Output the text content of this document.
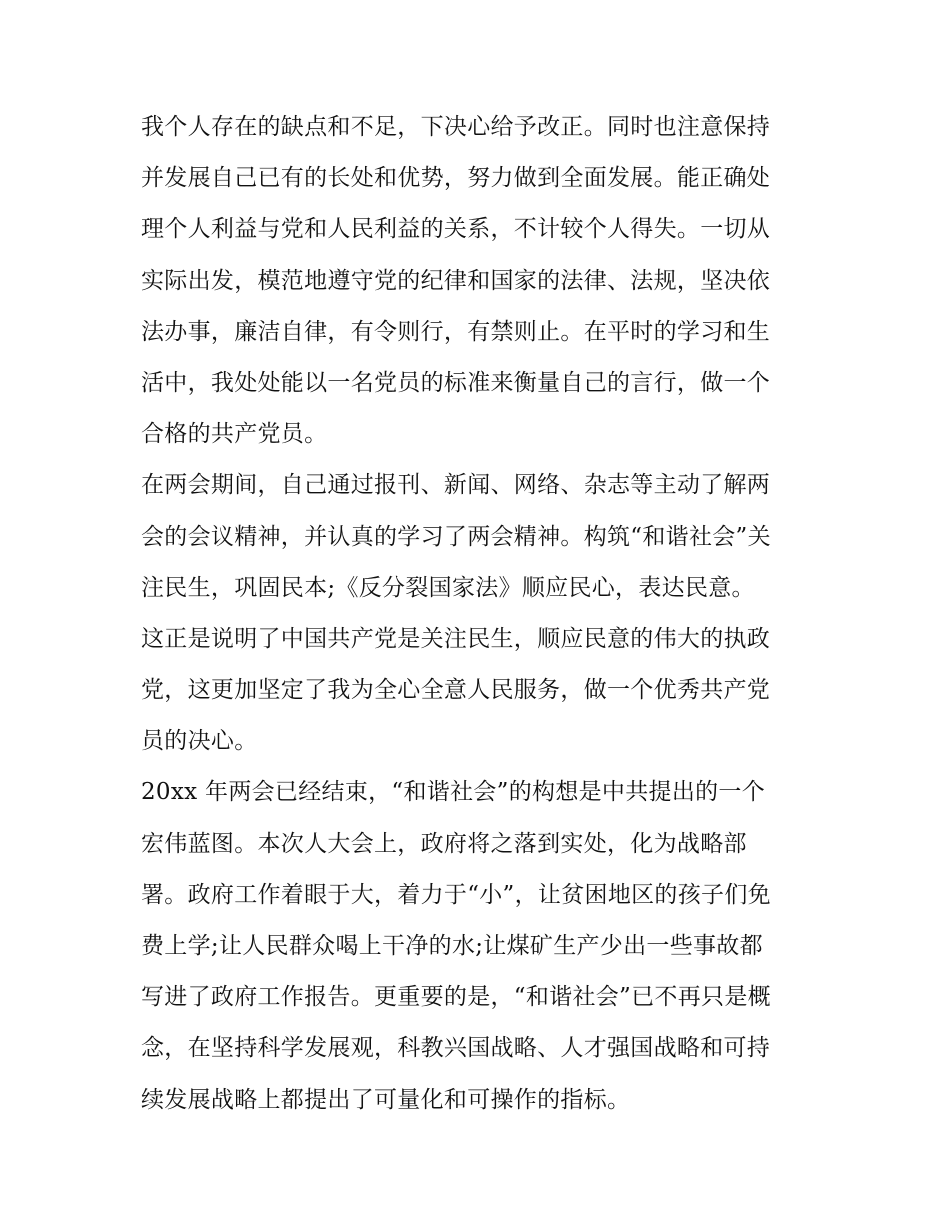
我个人存在的缺点和不足，下决心给予改正。同时也注意保持
并发展自己已有的长处和优势，努力做到全面发展。能正确处
理个人利益与党和人民利益的关系，不计较个人得失。一切从
实际出发，模范地遵守党的纪律和国家的法律、法规，坚决依
法办事，廉洁自律，有令则行，有禁则止。在平时的学习和生
活中，我处处能以一名党员的标准来衡量自己的言行，做一个
合格的共产党员。
在两会期间，自己通过报刊、新闻、网络、杂志等主动了解两
会的会议精神，并认真的学习了两会精神。构筑“和谐社会”关
注民生，巩固民本;《反分裂国家法》顺应民心，表达民意。
这正是说明了中国共产党是关注民生，顺应民意的伟大的执政
党，这更加坚定了我为全心全意人民服务，做一个优秀共产党
员的决心。
20xx 年两会已经结束，“和谐社会”的构想是中共提出的一个
宏伟蓝图。本次人大会上，政府将之落到实处，化为战略部
署。政府工作着眼于大，着力于“小”，让贫困地区的孩子们免
费上学;让人民群众喝上干净的水;让煤矿生产少出一些事故都
写进了政府工作报告。更重要的是，“和谐社会”已不再只是概
念，在坚持科学发展观，科教兴国战略、人才强国战略和可持
续发展战略上都提出了可量化和可操作的指标。
